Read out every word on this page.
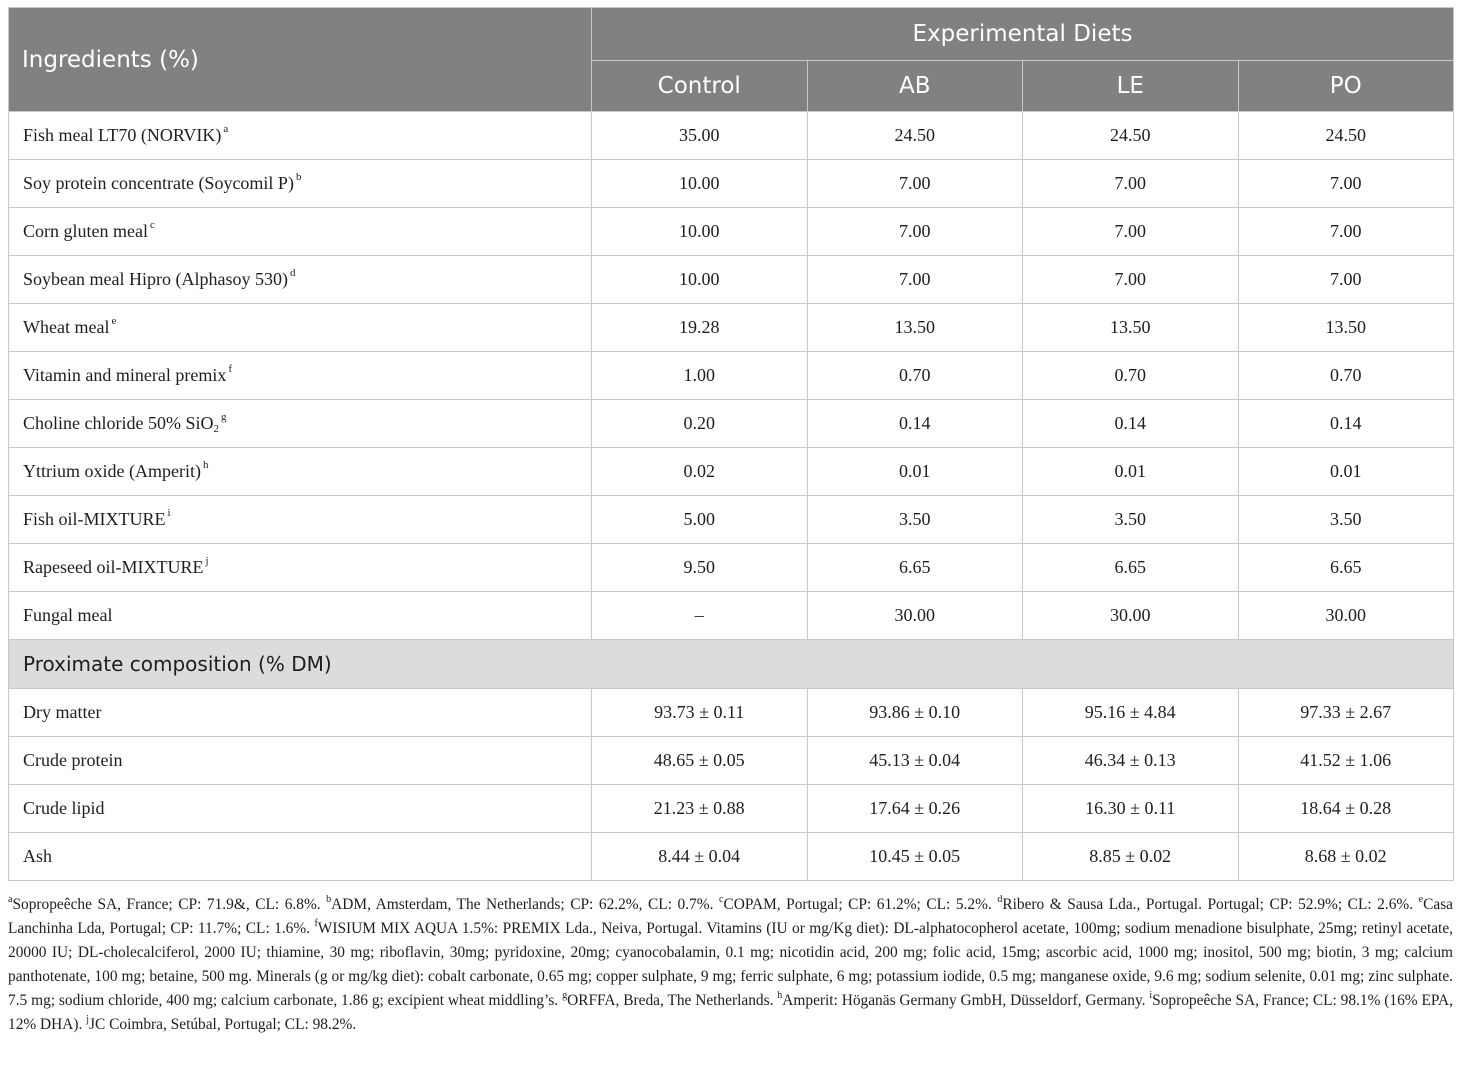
Ingredients (%)	Experimental Diets			
	Control	AB	LE	PO
Fish meal LT70 (NORVIK) $^a$	35.00	24.50	24.50	24.50
Soy protein concentrate (Soycomil P) $^b$	10.00	7.00	7.00	7.00
Corn gluten meal $^c$	10.00	7.00	7.00	7.00
Soybean meal Hipro (Alphasoy 530) $^d$	10.00	7.00	7.00	7.00
Wheat meal $^e$	19.28	13.50	13.50	13.50
Vitamin and mineral premix $^f$	1.00	0.70	0.70	0.70
Choline chloride 50% SiO$_2^g$	0.20	0.14	0.14	0.14
Yttrium oxide (Amperit) $^h$	0.02	0.01	0.01	0.01
Fish oil-MIXTURE $^i$	5.00	3.50	3.50	3.50
Rapeseed oil-MIXTURE $^j$	9.50	6.65	6.65	6.65
Fungal meal	–	30.00	30.00	30.00
Proximate composition (% DM)				
Dry matter	93.73 ± 0.11	93.86 ± 0.10	95.16 ± 4.84	97.33 ± 2.67
Crude protein	48.65 ± 0.05	45.13 ± 0.04	46.34 ± 0.13	41.52 ± 1.06
Crude lipid	21.23 ± 0.88	17.64 ± 0.26	16.30 ± 0.11	18.64 ± 0.28
Ash	8.44 ± 0.04	10.45 ± 0.05	8.85 ± 0.02	8.68 ± 0.02
$^a$Sopropeêche SA, France; CP: 71.9&, CL: 6.8%. $^b$ADM, Amsterdam, The Netherlands; CP: 62.2%, CL: 0.7%. $^c$COPAM, Portugal; CP: 61.2%; CL: 5.2%. $^d$Ribero & Sausa Lda., Portugal. Portugal; CP: 52.9%; CL: 2.6%. $^e$Casa Lanchinha Lda, Portugal; CP: 11.7%; CL: 1.6%. $^f$WISIUM MIX AQUA 1.5%: PREMIX Lda., Neiva, Portugal. Vitamins (IU or mg/Kg diet): DL-alphatocopherol acetate, 100mg; sodium menadione bisulphate, 25mg; retinyl acetate, 20000 IU; DL-cholecalciferol, 2000 IU; thiamine, 30 mg; riboflavin, 30mg; pyridoxine, 20mg; cyanocobalamin, 0.1 mg; nicotidin acid, 200 mg; folic acid, 15mg; ascorbic acid, 1000 mg; inositol, 500 mg; biotin, 3 mg; calcium panthotenate, 100 mg; betaine, 500 mg. Minerals (g or mg/kg diet): cobalt carbonate, 0.65 mg; copper sulphate, 9 mg; ferric sulphate, 6 mg; potassium iodide, 0.5 mg; manganese oxide, 9.6 mg; sodium selenite, 0.01 mg; zinc sulphate. 7.5 mg; sodium chloride, 400 mg; calcium carbonate, 1.86 g; excipient wheat middling’s. $^g$ORFFA, Breda, The Netherlands. $^h$Amperit: Höganäs Germany GmbH, Düsseldorf, Germany. $^i$Sopropeêche SA, France; CL: 98.1% (16% EPA, 12% DHA). $^j$JC Coimbra, Setúbal, Portugal; CL: 98.2%.
